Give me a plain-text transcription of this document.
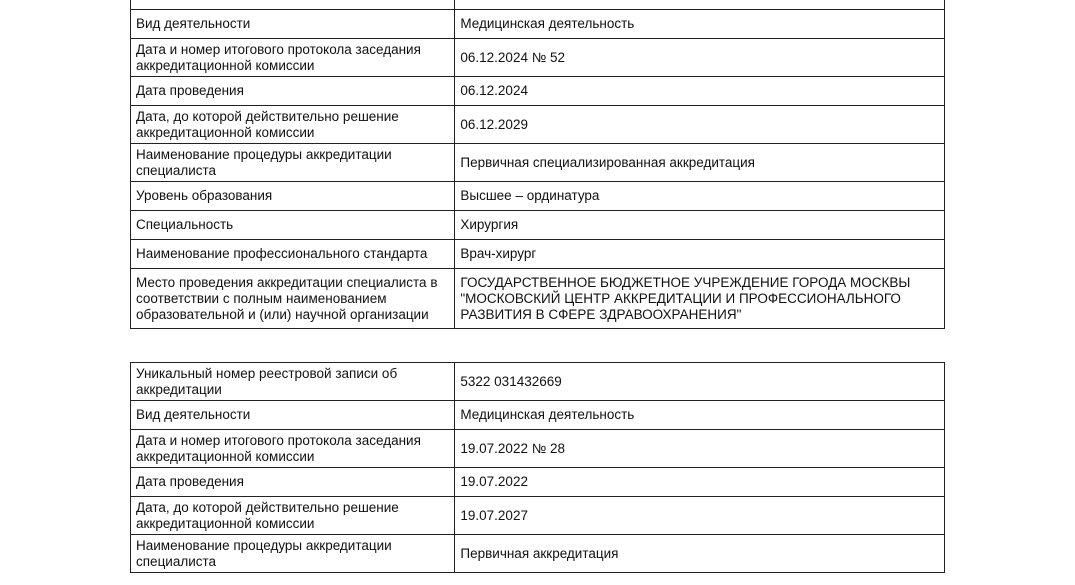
Вид деятельности	Медицинская деятельность
Дата и номер итогового протокола заседания аккредитационной комиссии	06.12.2024 № 52
Дата проведения	06.12.2024
Дата, до которой действительно решение аккредитационной комиссии	06.12.2029
Наименование процедуры аккредитации специалиста	Первичная специализированная аккредитация
Уровень образования	Высшее – ординатура
Специальность	Хирургия
Наименование профессионального стандарта	Врач-хирург
Место проведения аккредитации специалиста в соответствии с полным наименованием образовательной и (или) научной организации	ГОСУДАРСТВЕННОЕ БЮДЖЕТНОЕ УЧРЕЖДЕНИЕ ГОРОДА МОСКВЫ "МОСКОВСКИЙ ЦЕНТР АККРЕДИТАЦИИ И ПРОФЕССИОНАЛЬНОГО РАЗВИТИЯ В СФЕРЕ ЗДРАВООХРАНЕНИЯ"
Уникальный номер реестровой записи об аккредитации	5322 031432669
Вид деятельности	Медицинская деятельность
Дата и номер итогового протокола заседания аккредитационной комиссии	19.07.2022 № 28
Дата проведения	19.07.2022
Дата, до которой действительно решение аккредитационной комиссии	19.07.2027
Наименование процедуры аккредитации специалиста	Первичная аккредитация
